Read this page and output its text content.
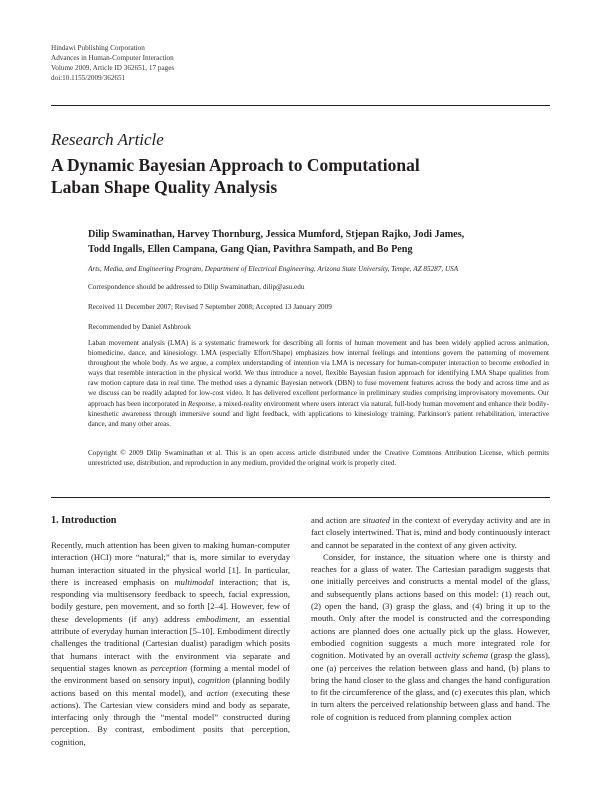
Hindawi Publishing Corporation
Advances in Human-Computer Interaction
Volume 2009, Article ID 362651, 17 pages
doi:10.1155/2009/362651
Research Article
A Dynamic Bayesian Approach to Computational
Laban Shape Quality Analysis
Dilip Swaminathan, Harvey Thornburg, Jessica Mumford, Stjepan Rajko, Jodi James,
Todd Ingalls, Ellen Campana, Gang Qian, Pavithra Sampath, and Bo Peng
Arts, Media, and Engineering Program, Department of Electrical Engineering, Arizona State University, Tempe, AZ 85287, USA
Correspondence should be addressed to Dilip Swaminathan, dilip@asu.edu
Received 11 December 2007; Revised 7 September 2008; Accepted 13 January 2009
Recommended by Daniel Ashbrook
Laban movement analysis (LMA) is a systematic framework for describing all forms of human movement and has been widely applied across animation, biomedicine, dance, and kinesiology. LMA (especially Effort/Shape) emphasizes how internal feelings and intentions govern the patterning of movement throughout the whole body. As we argue, a complex understanding of intention via LMA is necessary for human-computer interaction to become embodied in ways that resemble interaction in the physical world. We thus introduce a novel, flexible Bayesian fusion approach for identifying LMA Shape qualities from raw motion capture data in real time. The method uses a dynamic Bayesian network (DBN) to fuse movement features across the body and across time and as we discuss can be readily adapted for low-cost video. It has delivered excellent performance in preliminary studies comprising improvisatory movements. Our approach has been incorporated in Response, a mixed-reality environment where users interact via natural, full-body human movement and enhance their bodily-kinesthetic awareness through immersive sound and light feedback, with applications to kinesiology training, Parkinson's patient rehabilitation, interactive dance, and many other areas.
Copyright © 2009 Dilip Swaminathan et al. This is an open access article distributed under the Creative Commons Attribution License, which permits unrestricted use, distribution, and reproduction in any medium, provided the original work is properly cited.
1. Introduction

Recently, much attention has been given to making human-computer interaction (HCI) more “natural;” that is, more similar to everyday human interaction situated in the physical world [1]. In particular, there is increased emphasis on multimodal interaction; that is, responding via multisensory feedback to speech, facial expression, bodily gesture, pen movement, and so forth [2–4]. However, few of these developments (if any) address embodiment, an essential attribute of everyday human interaction [5–10]. Embodiment directly challenges the traditional (Cartesian dualist) paradigm which posits that humans interact with the environment via separate and sequential stages known as perception (forming a mental model of the environment based on sensory input), cognition (planning bodily actions based on this mental model), and action (executing these actions). The Cartesian view considers mind and body as separate, interfacing only through the “mental model” constructed during perception. By contrast, embodiment posits that perception, cognition,

and action are situated in the context of everyday activity and are in fact closely intertwined. That is, mind and body continuously interact and cannot be separated in the context of any given activity.

Consider, for instance, the situation where one is thirsty and reaches for a glass of water. The Cartesian paradigm suggests that one initially perceives and constructs a mental model of the glass, and subsequently plans actions based on this model: (1) reach out, (2) open the hand, (3) grasp the glass, and (4) bring it up to the mouth. Only after the model is constructed and the corresponding actions are planned does one actually pick up the glass. However, embodied cognition suggests a much more integrated role for cognition. Motivated by an overall activity schema (grasp the glass), one (a) perceives the relation between glass and hand, (b) plans to bring the hand closer to the glass and changes the hand configuration to fit the circumference of the glass, and (c) executes this plan, which in turn alters the perceived relationship between glass and hand. The role of cognition is reduced from planning complex action
